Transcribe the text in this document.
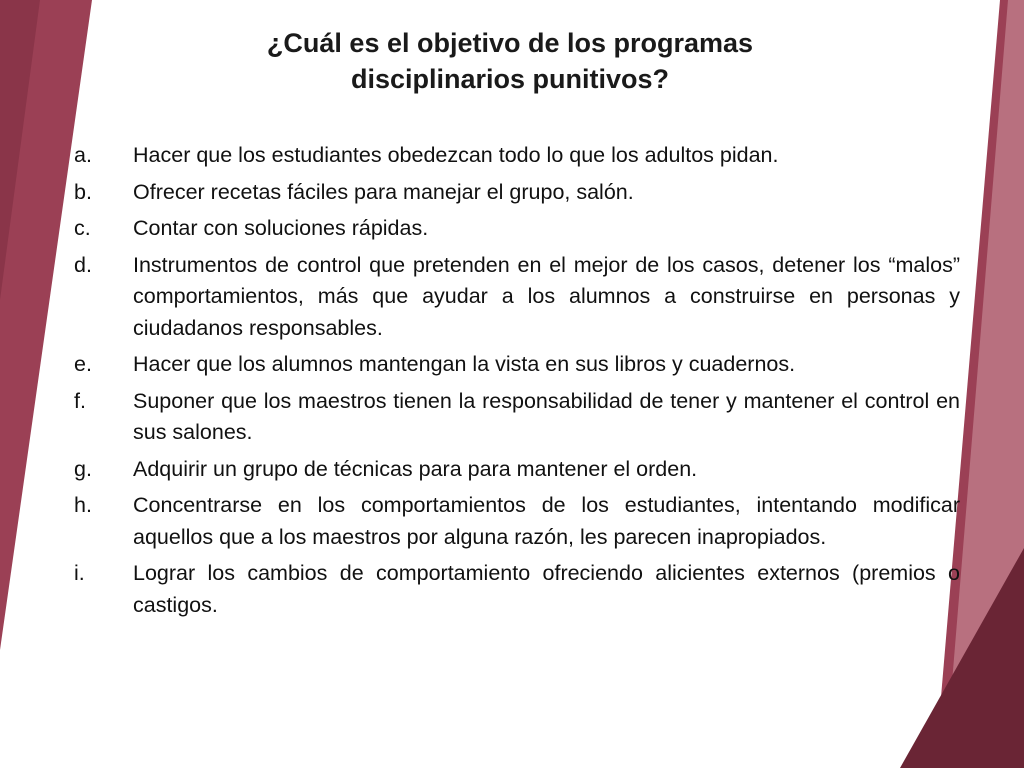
¿Cuál es el objetivo de los programas
disciplinarios punitivos?
a. Hacer que los estudiantes obedezcan todo lo que los adultos pidan.
b. Ofrecer recetas fáciles para manejar el grupo, salón.
c. Contar con soluciones rápidas.
d. Instrumentos de control que pretenden en el mejor de los casos, detener los “malos” comportamientos, más que ayudar a los alumnos a construirse en personas y ciudadanos responsables.
e. Hacer que los alumnos mantengan la vista en sus libros y cuadernos.
f. Suponer que los maestros tienen la responsabilidad de tener y mantener el control en sus salones.
g. Adquirir un grupo de técnicas para para mantener el orden.
h. Concentrarse en los comportamientos de los estudiantes, intentando modificar aquellos que a los maestros por alguna razón, les parecen inapropiados.
i. Lograr los cambios de comportamiento ofreciendo alicientes externos (premios o castigos.
